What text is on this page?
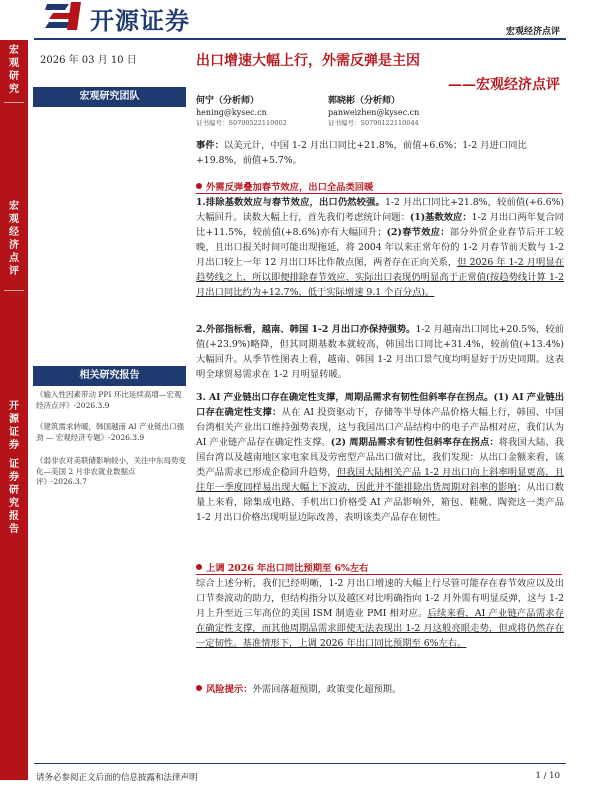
开源证券	宏观经济点评
宏
观
研
究
宏
观
经
济
点
评
开
源
证
券
证
券
研
究
报
告
2026 年 03 月 10 日
宏观研究团队
相关研究报告
《输入性因素带动 PPI 环比延续高增—宏观经济点评》-2026.3.9
《建筑需求转暖，韩国越南 AI 产业链出口强劲 — 宏观经济专题》-2026.3.9
《弱非农对美联储影响较小，关注中东局势变化—美国 2 月非农就业数据点评》-2026.3.7
出口增速大幅上行，外需反弹是主因
——宏观经济点评
何宁（分析师）
hening@kysec.cn
证书编号：S0790522110002
郭晓彬（分析师）
panweizhen@kysec.cn
证书编号：S0790122110044
事件：以美元计，中国 1-2 月出口同比+21.8%，前值+6.6%；1-2 月进口同比+19.8%，前值+5.7%。
外需反弹叠加春节效应，出口全品类回暖
1.排除基数效应与春节效应，出口仍然较强。1-2 月出口同比+21.8%，较前值(+6.6%)大幅回升。读数大幅上行，首先我们考虑统计问题：(1)基数效应：1-2 月出口两年复合同比+11.5%，较前值(+8.6%)亦有大幅回升；(2)春节效应：部分外贸企业春节后开工较晚，且出口报关时间可能出现拖延，将 2004 年以来正常年份的 1-2 月春节前天数与 1-2 月出口较上一年 12 月出口环比作散点图，两者存在正向关系，但 2026 年 1-2 月明显在趋势线之上，所以即便排除春节效应，实际出口表现仍明显高于正常值(按趋势线计算 1-2 月出口同比约为+12.7%，低于实际增速 9.1 个百分点)。
2.外部指标看，越南、韩国 1-2 月出口亦保持强势。1-2 月越南出口同比+20.5%，较前值(+23.9%)略降，但其同期基数本就较高，韩国出口同比+31.4%，较前值(+13.4%)大幅回升。从季节性图表上看，越南、韩国 1-2 月出口景气度均明显好于历史同期。这表明全球贸易需求在 1-2 月明显转暖。
3. AI 产业链出口存在确定性支撑，周期品需求有韧性但斜率存在拐点。(1) AI 产业链出口存在确定性支撑：从在 AI 投资驱动下，存储等半导体产品价格大幅上行，韩国、中国台湾相关产业出口维持强势表现，这与我国出口产品结构中的电子产品相对应，我们认为 AI 产业链产品存在确定性支撑。(2) 周期品需求有韧性但斜率存在拐点：将我国大陆、我国台湾以及越南地区家电家具及劳密型产品出口做对比，我们发现：从出口金额来看，该类产品需求已形成企稳回升趋势，但我国大陆相关产品 1-2 月出口向上斜率明显更高，且往年一季度同样易出现大幅上下波动，因此并不能排除出货周期对斜率的影响；从出口数量上来看，除集成电路、手机出口价格受 AI 产品影响外，箱包、鞋靴、陶瓷这一类产品 1-2 月出口价格出现明显边际改善，表明该类产品存在韧性。
上调 2026 年出口同比预期至 6%左右
综合上述分析，我们已经明晰，1-2 月出口增速的大幅上行尽管可能存在春节效应以及出口节奏波动的助力，但结构指分以及越区对比明确指向 1-2 月外需有明显反弹，这与 1-2 月上升至近三年高位的美国 ISM 制造业 PMI 相对应。后续来看，AI 产业链产品需求存在确定性支撑，而其他周期品需求即使无法表现出 1-2 月这般亮眼走势，但或将仍然存在一定韧性。基准情形下，上调 2026 年出口同比预期至 6%左右。
风险提示：外需回落超预期，政策变化超预期。
请务必参阅正文后面的信息披露和法律声明	1 / 10
